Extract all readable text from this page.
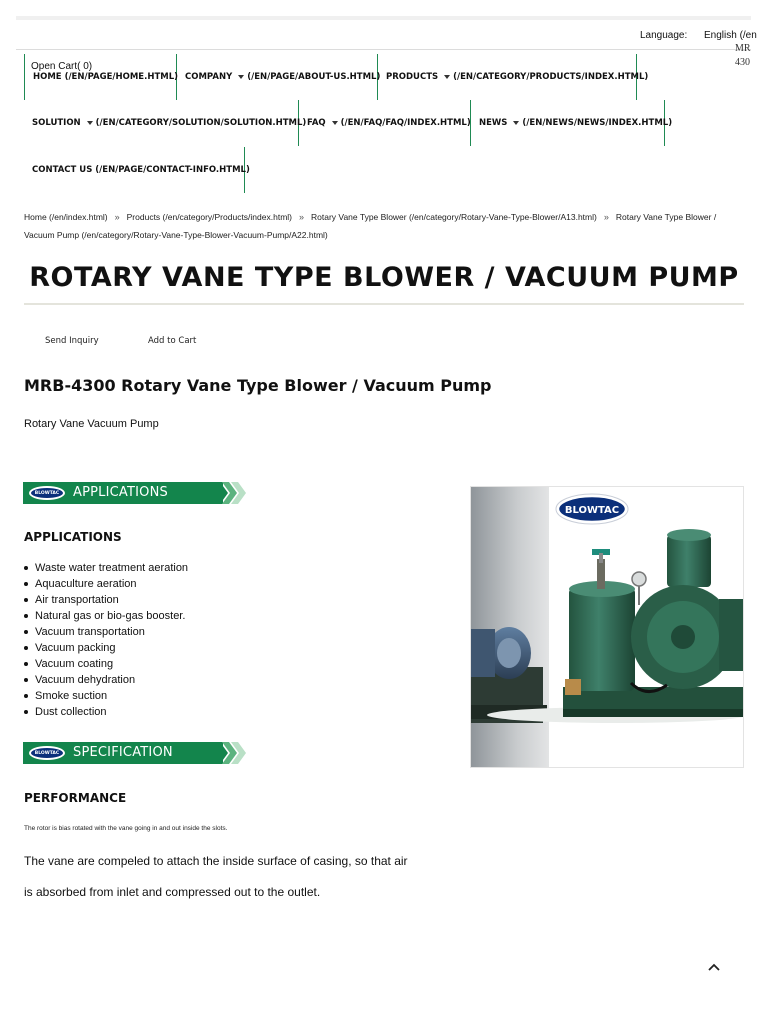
Language: English (/en
MR
430
Open Cart( 0)
HOME (/EN/PAGE/HOME.HTML) COMPANY (/EN/PAGE/ABOUT-US.HTML) PRODUCTS (/EN/CATEGORY/PRODUCTS/INDEX.HTML)
SOLUTION (/EN/CATEGORY/SOLUTION/SOLUTION.HTML) FAQ (/EN/FAQ/FAQ/INDEX.HTML) NEWS (/EN/NEWS/NEWS/INDEX.HTML)
CONTACT US (/EN/PAGE/CONTACT-INFO.HTML)
Home (/en/index.html) » Products (/en/category/Products/index.html) » Rotary Vane Type Blower (/en/category/Rotary-Vane-Type-Blower/A13.html) » Rotary Vane Type Blower / Vacuum Pump (/en/category/Rotary-Vane-Type-Blower-Vacuum-Pump/A22.html)
ROTARY VANE TYPE BLOWER / VACUUM PUMP
Send Inquiry	Add to Cart
MRB-4300 Rotary Vane Type Blower / Vacuum Pump

Rotary Vane Vacuum Pump

BLOWTAC	APPLICATIONS
APPLICATIONS
Waste water treatment aeration
Aquaculture aeration
Air transportation
Natural gas or bio-gas booster.
Vacuum transportation
Vacuum packing
Vacuum coating
Vacuum dehydration
Smoke suction
Dust collection
BLOWTAC	SPECIFICATION
PERFORMANCE

The rotor is bias rotated with the vane going in and out inside the slots.

The vane are compeled to attach the inside surface of casing, so that air

is absorbed from inlet and compressed out to the outlet.

BLOWTAC
